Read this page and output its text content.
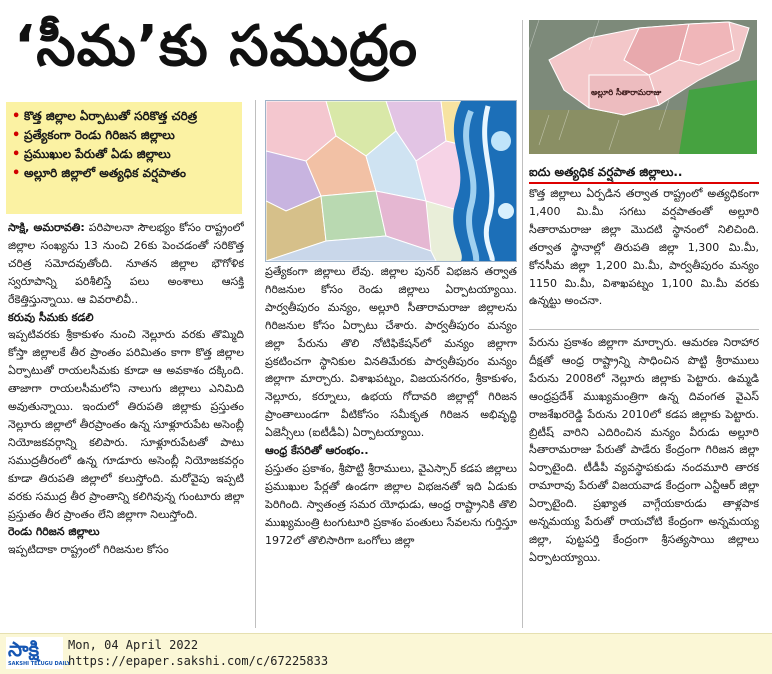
‘సీమ’కు సముద్రం
• కొత్త జిల్లాల ఏర్పాటుతో సరికొత్త చరిత్ర
• ప్రత్యేకంగా రెండు గిరిజన జిల్లాలు
• ప్రముఖుల పేరుతో ఏడు జిల్లాలు
• అల్లూరి జిల్లాలో అత్యధిక వర్షపాతం

సాక్షి, అమరావతి: పరిపాలనా సౌలభ్యం కోసం రాష్ట్రంలో జిల్లాల సంఖ్యను 13 నుంచి 26కు పెంచడంతో సరికొత్త చరిత్ర సమోదవుతోంది. నూతన జిల్లాల భౌగోళిక స్వరూపాన్ని పరిశీలిస్తే పలు అంశాలు ఆసక్తి రేకెత్తిస్తున్నాయి. ఆ వివరాలివీ..

కరువు సీమకు కడలి

ఇప్పటివరకు శ్రీకాకుళం నుంచి నెల్లూరు వరకు తొమ్మిది కోస్తా జిల్లాలకే తీర ప్రాంతం పరిమితం కాగా కొత్త జిల్లాల ఏర్పాటుతో రాయలసీమకు కూడా ఆ అవకాశం దక్కింది. తాజాగా రాయలసీమలోని నాలుగు జిల్లాలు ఎనిమిది అవుతున్నాయి. ఇందులో తిరుపతి జిల్లాకు ప్రస్తుతం నెల్లూరు జిల్లాలో తీరప్రాంతం ఉన్న సూళ్లూరుపేట అసెంబ్లీ నియోజకవర్గాన్ని కలిపారు. సూళ్లూరుపేటతో పాటు సముద్రతీరంలో ఉన్న గూడూరు అసెంబ్లీ నియోజకవర్గం కూడా తిరుపతి జిల్లాలో కలుస్తోంది. మరోవైపు ఇప్పటి వరకు సముద్ర తీర ప్రాంతాన్ని కలిగివున్న గుంటూరు జిల్లా ప్రస్తుతం తీర ప్రాంతం లేని జిల్లాగా నిలుస్తోంది.

రెండు గిరిజన జిల్లాలు

ఇప్పటిదాకా రాష్ట్రంలో గిరిజనుల కోసం

ప్రత్యేకంగా జిల్లాలు లేవు. జిల్లాల పునర్ విభజన తర్వాత గిరిజనుల కోసం రెండు జిల్లాలు ఏర్పాటయ్యాయి. పార్వతీపురం మన్యం, అల్లూరి సీతారామరాజు జిల్లాలను గిరిజనుల కోసం ఏర్పాటు చేశారు. పార్వతీపురం మన్యం జిల్లా పేరును తొలి నోటిఫికేషన్‌లో మన్యం జిల్లాగా ప్రకటించగా స్థానికుల వినతిమేరకు పార్వతీపురం మన్యం జిల్లాగా మార్చారు. విశాఖపట్నం, విజయనగరం, శ్రీకాకుళం, నెల్లూరు, కర్నూలు, ఉభయ గోదావరి జిల్లాల్లో గిరిజన ప్రాంతాలుండగా వీటికోసం సమీకృత గిరిజన అభివృద్ధి ఏజెన్సీలు (ఐటీడీఏ) ఏర్పాటయ్యాయి.

ఆంధ్ర కేసరితో ఆరంభం..

ప్రస్తుతం ప్రకాశం, శ్రీపొట్టి శ్రీరాములు, వైఎస్సార్ కడప జిల్లాలు ప్రముఖుల పేర్లతో ఉండగా జిల్లాల విభజనతో ఇది ఏడుకు పెరిగింది. స్వాతంత్ర సమర యోధుడు, ఆంధ్ర రాష్ట్రానికి తొలి ముఖ్యమంత్రి టంగుటూరి ప్రకాశం పంతులు సేవలను గుర్తిస్తూ 1972లో తొలిసారిగా ఒంగోలు జిల్లా

అల్లూరి సీతారామరాజు
ఐదు అత్యధిక వర్షపాత జిల్లాలు..
కొత్త జిల్లాలు ఏర్పడిన తర్వాత రాష్ట్రంలో అత్యధికంగా 1,400 మి.మీ సగటు వర్షపాతంతో అల్లూరి సీతారామరాజు జిల్లా మొదటి స్థానంలో నిలిచింది. తర్వాత స్థానాల్లో తిరుపతి జిల్లా 1,300 మి.మీ, కోనసీమ జిల్లా 1,200 మి.మీ, పార్వతీపురం మన్యం 1150 మి.మీ, విశాఖపట్నం 1,100 మి.మీ వరకు ఉన్నట్టు అంచనా.

పేరును ప్రకాశం జిల్లాగా మార్చారు. ఆమరణ నిరాహార దీక్షతో ఆంధ్ర రాష్ట్రాన్ని సాధించిన పొట్టి శ్రీరాములు పేరును 2008లో నెల్లూరు జిల్లాకు పెట్టారు. ఉమ్మడి ఆంధ్రప్రదేశ్ ముఖ్యమంత్రిగా ఉన్న దివంగత వైఎస్ రాజశేఖరరెడ్డి పేరును 2010లో కడప జిల్లాకు పెట్టారు. బ్రిటీష్ వారిని ఎదిరించిన మన్యం వీరుడు అల్లూరి సీతారామరాజు పేరుతో పాడేరు కేంద్రంగా గిరిజన జిల్లా ఏర్పాటైంది. టీడీపీ వ్యవస్థాపకుడు నందమూరి తారక రామారావు పేరుతో విజయవాడ కేంద్రంగా ఎన్టీఆర్ జిల్లా ఏర్పాటైంది. ప్రఖ్యాత వాగ్గేయకారుడు తాళ్లపాక అన్నమయ్య పేరుతో రాయచోటి కేంద్రంగా అన్నమయ్య జిల్లా, పుట్టపర్తి కేంద్రంగా శ్రీసత్యసాయి జిల్లాలు ఏర్పాటయ్యాయి.

సాక్షి
SAKSHI TELUGU DAILY
Mon, 04 April 2022
https://epaper.sakshi.com/c/67225833
